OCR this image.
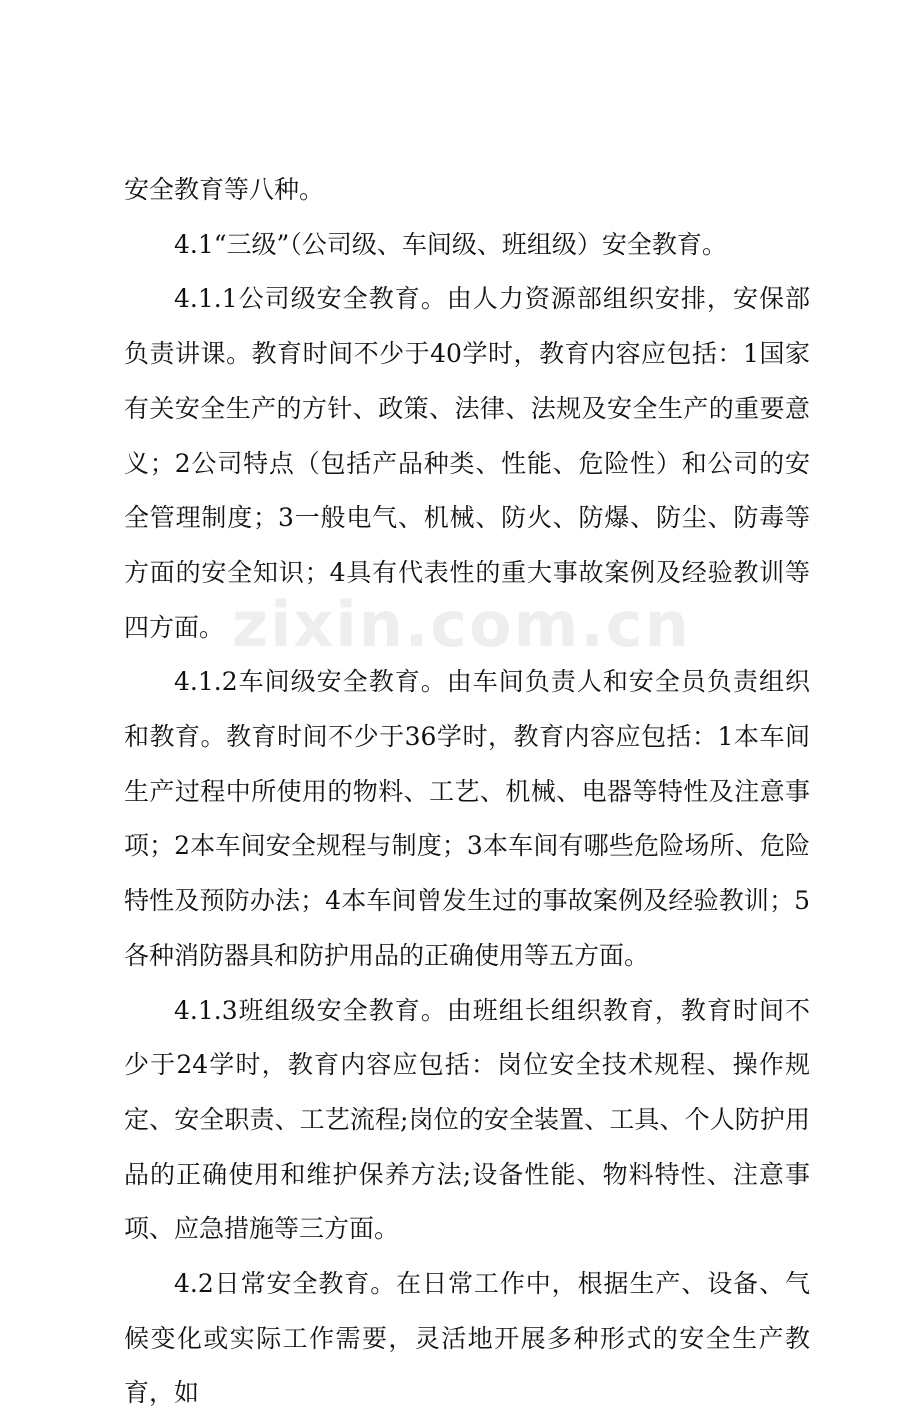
zixin.com.cn

安全教育等八种。

4.1“三级”（公司级、车间级、班组级）安全教育。

4.1.1公司级安全教育。由人力资源部组织安排，安保部负责讲课。教育时间不少于40学时，教育内容应包括：1国家有关安全生产的方针、政策、法律、法规及安全生产的重要意义；2公司特点（包括产品种类、性能、危险性）和公司的安全管理制度；3一般电气、机械、防火、防爆、防尘、防毒等方面的安全知识；4具有代表性的重大事故案例及经验教训等四方面。

4.1.2车间级安全教育。由车间负责人和安全员负责组织和教育。教育时间不少于36学时，教育内容应包括：1本车间生产过程中所使用的物料、工艺、机械、电器等特性及注意事项；2本车间安全规程与制度；3本车间有哪些危险场所、危险特性及预防办法；4本车间曾发生过的事故案例及经验教训；5各种消防器具和防护用品的正确使用等五方面。

4.1.3班组级安全教育。由班组长组织教育，教育时间不少于24学时，教育内容应包括：岗位安全技术规程、操作规定、安全职责、工艺流程;岗位的安全装置、工具、个人防护用品的正确使用和维护保养方法;设备性能、物料特性、注意事项、应急措施等三方面。

4.2日常安全教育。在日常工作中，根据生产、设备、气候变化或实际工作需要，灵活地开展多种形式的安全生产教育，如
